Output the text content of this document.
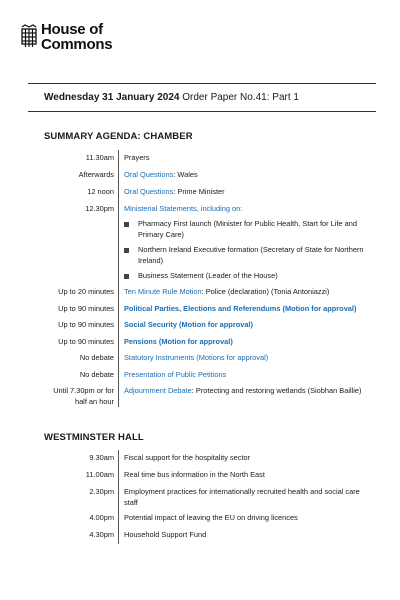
House of
Commons
Wednesday 31 January 2024 Order Paper No.41: Part 1
SUMMARY AGENDA: CHAMBER
11.30am Prayers
Afterwards Oral Questions: Wales
12 noon Oral Questions: Prime Minister
12.30pm Ministerial Statements, including on:
Pharmacy First launch (Minister for Public Health, Start for Life and Primary Care)
Northern Ireland Executive formation (Secretary of State for Northern Ireland)
Business Statement (Leader of the House)
Up to 20 minutes Ten Minute Rule Motion: Police (declaration) (Tonia Antoniazzi)
Up to 90 minutes Political Parties, Elections and Referendums (Motion for approval)
Up to 90 minutes Social Security (Motion for approval)
Up to 90 minutes Pensions (Motion for approval)
No debate Statutory Instruments (Motions for approval)
No debate Presentation of Public Petitions
Until 7.30pm or for
half an hour
Adjournment Debate: Protecting and restoring wetlands (Siobhan Baillie)
WESTMINSTER HALL
9.30am Fiscal support for the hospitality sector
11.00am Real time bus information in the North East
2.30pm Employment practices for internationally recruited health and social care staff
4.00pm Potential impact of leaving the EU on driving licences
4.30pm Household Support Fund
